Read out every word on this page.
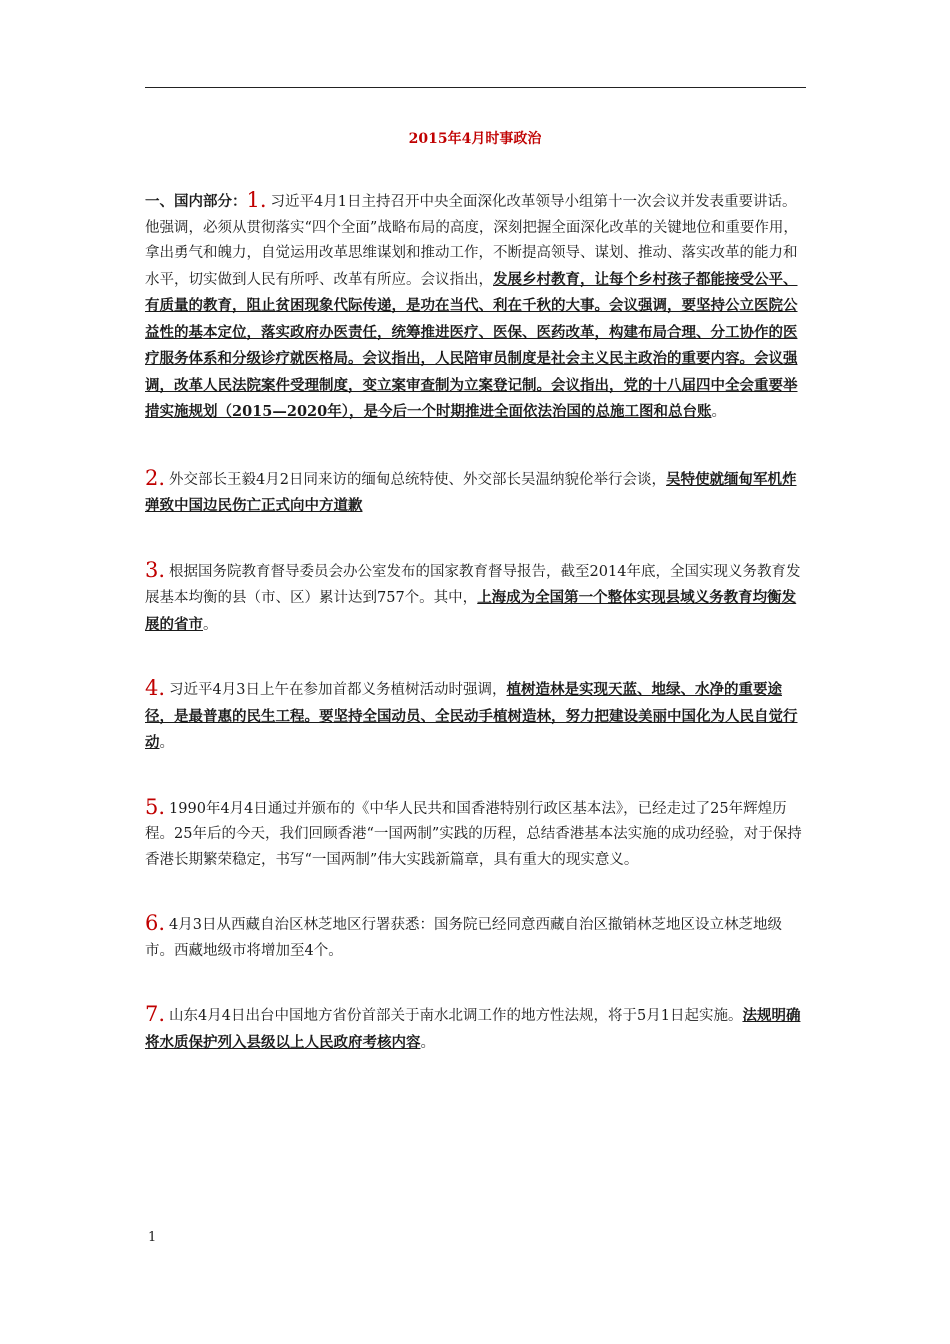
2015年4月时事政治

一、国内部分：1. 习近平4月1日主持召开中央全面深化改革领导小组第十一次会议并发表重要讲话。他强调，必须从贯彻落实“四个全面”战略布局的高度，深刻把握全面深化改革的关键地位和重要作用，拿出勇气和魄力，自觉运用改革思维谋划和推动工作，不断提高领导、谋划、推动、落实改革的能力和水平，切实做到人民有所呼、改革有所应。会议指出，发展乡村教育，让每个乡村孩子都能接受公平、有质量的教育，阻止贫困现象代际传递，是功在当代、利在千秋的大事。会议强调，要坚持公立医院公益性的基本定位，落实政府办医责任，统筹推进医疗、医保、医药改革，构建布局合理、分工协作的医疗服务体系和分级诊疗就医格局。会议指出，人民陪审员制度是社会主义民主政治的重要内容。会议强调，改革人民法院案件受理制度，变立案审查制为立案登记制。会议指出，党的十八届四中全会重要举措实施规划（2015—2020年），是今后一个时期推进全面依法治国的总施工图和总台账。

2. 外交部长王毅4月2日同来访的缅甸总统特使、外交部长吴温纳貌伦举行会谈，吴特使就缅甸军机炸弹致中国边民伤亡正式向中方道歉

3. 根据国务院教育督导委员会办公室发布的国家教育督导报告，截至2014年底，全国实现义务教育发展基本均衡的县（市、区）累计达到757个。其中，上海成为全国第一个整体实现县域义务教育均衡发展的省市。

4. 习近平4月3日上午在参加首都义务植树活动时强调，植树造林是实现天蓝、地绿、水净的重要途径，是最普惠的民生工程。要坚持全国动员、全民动手植树造林，努力把建设美丽中国化为人民自觉行动。

5. 1990年4月4日通过并颁布的《中华人民共和国香港特别行政区基本法》，已经走过了25年辉煌历程。25年后的今天，我们回顾香港“一国两制”实践的历程，总结香港基本法实施的成功经验，对于保持香港长期繁荣稳定，书写“一国两制”伟大实践新篇章，具有重大的现实意义。

6. 4月3日从西藏自治区林芝地区行署获悉：国务院已经同意西藏自治区撤销林芝地区设立林芝地级市。西藏地级市将增加至4个。

7. 山东4月4日出台中国地方省份首部关于南水北调工作的地方性法规，将于5月1日起实施。法规明确将水质保护列入县级以上人民政府考核内容。

1
